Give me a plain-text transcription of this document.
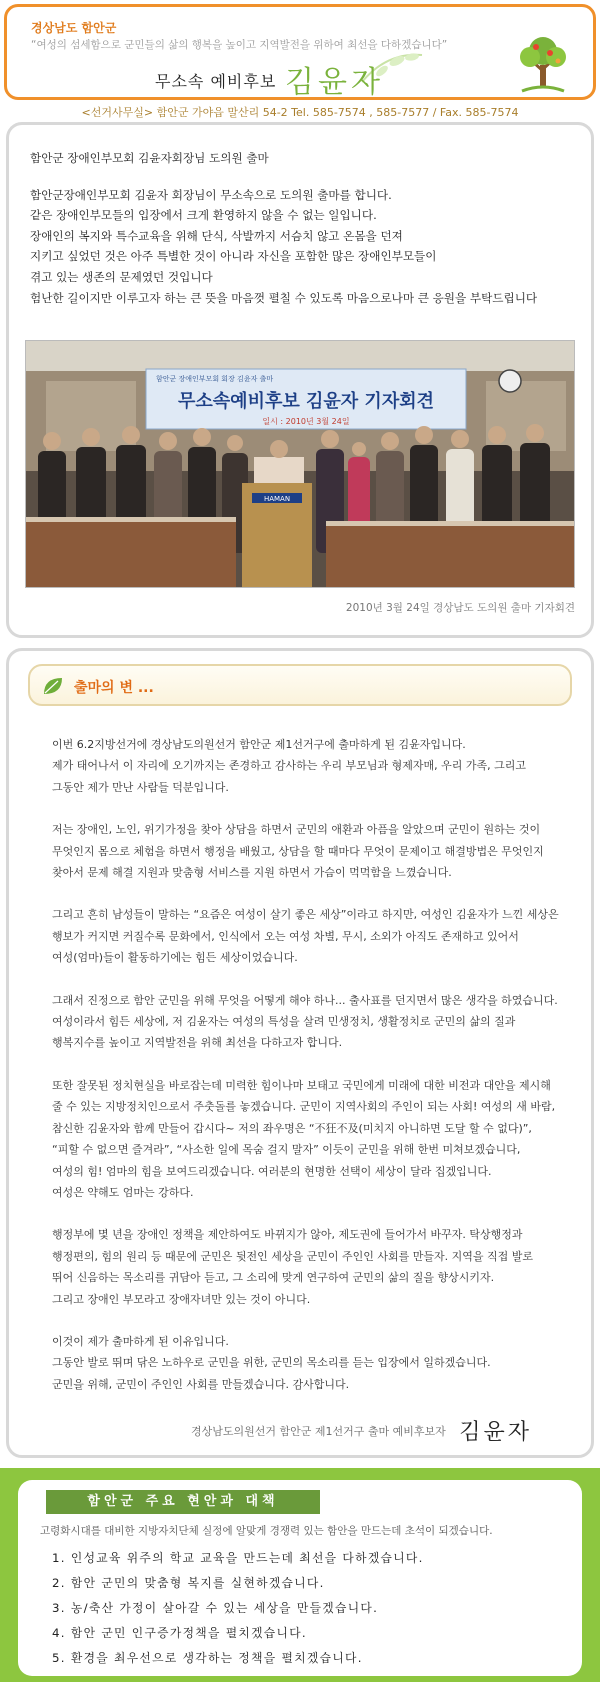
경상남도 함안군
“여성의 섬세함으로 군민들의 삶의 행복을 높이고 지역발전을 위하여 최선을 다하겠습니다”
무소속 예비후보 김윤자
<선거사무실> 함안군 가야읍 말산리 54-2 Tel. 585-7574 , 585-7577 / Fax. 585-7574

함안군 장애인부모회 김윤자회장님 도의원 출마

함안군장애인부모회 김윤자 회장님이 무소속으로 도의원 출마를 합니다.

같은 장애인부모들의 입장에서 크게 환영하지 않을 수 없는 일입니다.

장애인의 복지와 특수교육을 위해 단식, 삭발까지 서슴치 않고 온몸을 던져

지키고 싶었던 것은 아주 특별한 것이 아니라 자신을 포함한 많은 장애인부모들이

겪고 있는 생존의 문제였던 것입니다

험난한 길이지만 이루고자 하는 큰 뜻을 마음껏 펼칠 수 있도록 마음으로나마 큰 응원을 부탁드립니다

함안군 장애인부모회 회장 김윤자 출마
무소속예비후보 김윤자 기자회견
일시 : 2010년 3월 24일
HAMAN
2010년 3월 24일 경상남도 도의원 출마 기자회견
출마의 변 ...
이번 6.2지방선거에 경상남도의원선거 함안군 제1선거구에 출마하게 된 김윤자입니다.
제가 태어나서 이 자리에 오기까지는 존경하고 감사하는 우리 부모님과 형제자매, 우리 가족, 그리고
그동안 제가 만난 사람들 덕분입니다.
저는 장애인, 노인, 위기가정을 찾아 상담을 하면서 군민의 애환과 아픔을 알았으며 군민이 원하는 것이
무엇인지 몸으로 체험을 하면서 행정을 배웠고, 상담을 할 때마다 무엇이 문제이고 해결방법은 무엇인지
찾아서 문제 해결 지원과 맞춤형 서비스를 지원 하면서 가슴이 먹먹함을 느꼈습니다.
그리고 흔히 남성들이 말하는 “요즘은 여성이 살기 좋은 세상”이라고 하지만, 여성인 김윤자가 느낀 세상은
행보가 커지면 커질수록 문화에서, 인식에서 오는 여성 차별, 무시, 소외가 아직도 존재하고 있어서
여성(엄마)들이 활동하기에는 힘든 세상이었습니다.
그래서 진정으로 함안 군민을 위해 무엇을 어떻게 해야 하나... 출사표를 던지면서 많은 생각을 하였습니다.
여성이라서 힘든 세상에, 저 김윤자는 여성의 특성을 살려 민생정치, 생활정치로 군민의 삶의 질과
행복지수를 높이고 지역발전을 위해 최선을 다하고자 합니다.
또한 잘못된 정치현실을 바로잡는데 미력한 힘이나마 보태고 국민에게 미래에 대한 비전과 대안을 제시해
줄 수 있는 지방정치인으로서 주춧돌를 놓겠습니다. 군민이 지역사회의 주인이 되는 사회! 여성의 새 바람,
참신한 김윤자와 함께 만들어 갑시다~ 저의 좌우명은 “不狂不及(미치지 아니하면 도달 할 수 없다)”,
“피할 수 없으면 즐겨라”, “사소한 일에 목숨 걸지 말자” 이듯이 군민을 위해 한번 미쳐보겠습니다,
여성의 힘! 엄마의 힘을 보여드리겠습니다. 여러분의 현명한 선택이 세상이 달라 집겠입니다.
여성은 약해도 엄마는 강하다.
행정부에 몇 년을 장애인 정책을 제안하여도 바뀌지가 않아, 제도권에 들어가서 바꾸자. 탁상행정과
행정편의, 힘의 원리 등 때문에 군민은 뒷전인 세상을 군민이 주인인 사회를 만들자. 지역을 직접 발로
뛰어 신음하는 목소리를 귀담아 듣고, 그 소리에 맞게 연구하여 군민의 삶의 질을 향상시키자.
그리고 장애인 부모라고 장애자녀만 있는 것이 아니다.
이것이 제가 출마하게 된 이유입니다.
그동안 발로 뛰며 닦은 노하우로 군민을 위한, 군민의 목소리를 듣는 입장에서 일하겠습니다.
군민을 위해, 군민이 주인인 사회를 만들겠습니다. 감사합니다.
경상남도의원선거 함안군 제1선거구 출마 예비후보자 김윤자
함안군 주요 현안과 대책
고령화시대를 대비한 지방자치단체 실정에 알맞게 경쟁력 있는 함안을 만드는데 초석이 되겠습니다.
1. 인성교육 위주의 학교 교육을 만드는데 최선을 다하겠습니다.
2. 함안 군민의 맞춤형 복지를 실현하겠습니다.
3. 농/축산 가정이 살아갈 수 있는 세상을 만들겠습니다.
4. 함안 군민 인구증가정책을 펼치겠습니다.
5. 환경을 최우선으로 생각하는 정책을 펼치겠습니다.
